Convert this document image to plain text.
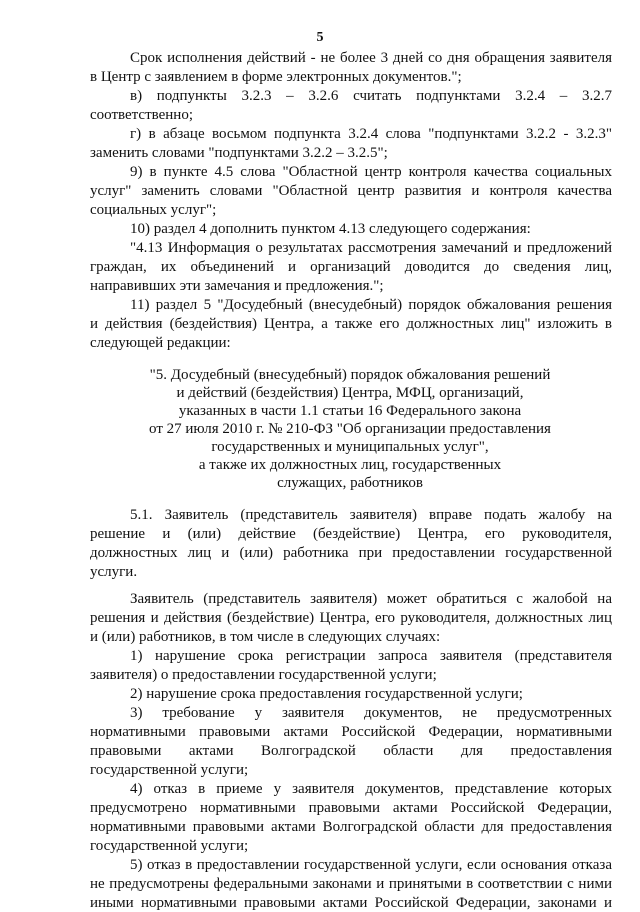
5
Срок исполнения действий - не более 3 дней со дня обращения заявителя
в Центр с заявлением в форме электронных документов.";
в) подпункты 3.2.3 – 3.2.6 считать подпунктами 3.2.4 – 3.2.7
соответственно;
г) в абзаце восьмом подпункта 3.2.4 слова "подпунктами 3.2.2 - 3.2.3"
заменить словами "подпунктами 3.2.2 – 3.2.5";
9) в пункте 4.5 слова "Областной центр контроля качества социальных
услуг" заменить словами "Областной центр развития и контроля качества
социальных услуг";
10) раздел 4 дополнить пунктом 4.13 следующего содержания:
"4.13 Информация о результатах рассмотрения замечаний и предложений
граждан, их объединений и организаций доводится до сведения лиц,
направивших эти замечания и предложения.";
11) раздел 5 "Досудебный (внесудебный) порядок обжалования решения
и действия (бездействия) Центра, а также его должностных лиц" изложить в
следующей редакции:
"5. Досудебный (внесудебный) порядок обжалования решений
и действий (бездействия) Центра, МФЦ, организаций,
указанных в части 1.1 статьи 16 Федерального закона
от 27 июля 2010 г. № 210-ФЗ "Об организации предоставления
государственных и муниципальных услуг",
а также их должностных лиц, государственных
служащих, работников
5.1. Заявитель (представитель заявителя) вправе подать жалобу на
решение и (или) действие (бездействие) Центра, его руководителя,
должностных лиц и (или) работника при предоставлении государственной
услуги.
Заявитель (представитель заявителя) может обратиться с жалобой на
решения и действия (бездействие) Центра, его руководителя, должностных лиц
и (или) работников, в том числе в следующих случаях:
1) нарушение срока регистрации запроса заявителя (представителя
заявителя) о предоставлении государственной услуги;
2) нарушение срока предоставления государственной услуги;
3) требование у заявителя документов, не предусмотренных
нормативными правовыми актами Российской Федерации, нормативными
правовыми актами Волгоградской области для предоставления
государственной услуги;
4) отказ в приеме у заявителя документов, представление которых
предусмотрено нормативными правовыми актами Российской Федерации,
нормативными правовыми актами Волгоградской области для предоставления
государственной услуги;
5) отказ в предоставлении государственной услуги, если основания отказа
не предусмотрены федеральными законами и принятыми в соответствии с ними
иными нормативными правовыми актами Российской Федерации, законами и
